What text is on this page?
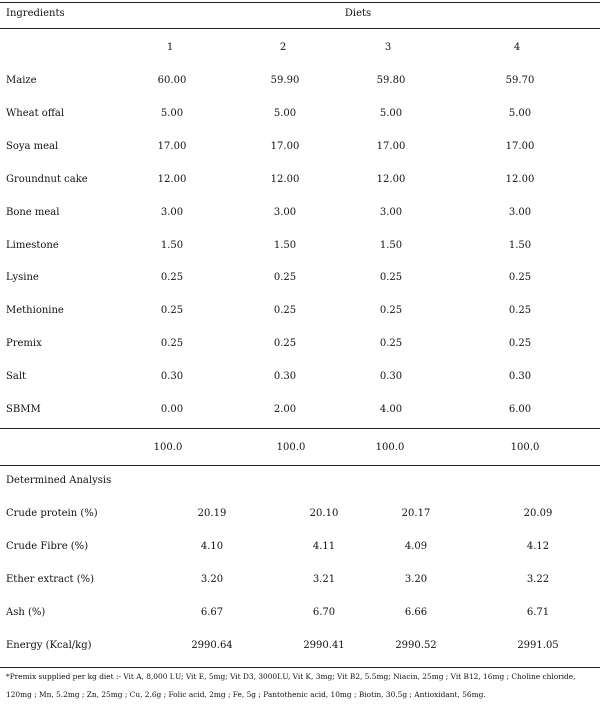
Ingredients	Diets
1	2	3	4
Maize	60.00	59.90	59.80	59.70
Wheat offal	5.00	5.00	5.00	5.00
Soya meal	17.00	17.00	17.00	17.00
Groundnut cake	12.00	12.00	12.00	12.00
Bone meal	3.00	3.00	3.00	3.00
Limestone	1.50	1.50	1.50	1.50
Lysine	0.25	0.25	0.25	0.25
Methionine	0.25	0.25	0.25	0.25
Premix	0.25	0.25	0.25	0.25
Salt	0.30	0.30	0.30	0.30
SBMM	0.00	2.00	4.00	6.00
100.0	100.0	100.0	100.0
Determined Analysis
Crude protein (%)	20.19	20.10	20.17	20.09
Crude Fibre (%)	4.10	4.11	4.09	4.12
Ether extract (%)	3.20	3.21	3.20	3.22
Ash (%)	6.67	6.70	6.66	6.71
Energy (Kcal/kg)	2990.64	2990.41	2990.52	2991.05
*Premix supplied per kg diet :- Vit A, 8,000 I.U; Vit E, 5mg; Vit D3, 3000I.U, Vit K, 3mg; Vit B2, 5.5mg; Niacin, 25mg ; Vit B12, 16mg ; Choline chloride, 120mg ; Mn, 5.2mg ; Zn, 25mg ; Cu, 2.6g ; Folic acid, 2mg ; Fe, 5g ; Pantothenic acid, 10mg ; Biotin, 30.5g ; Antioxidant, 56mg.
